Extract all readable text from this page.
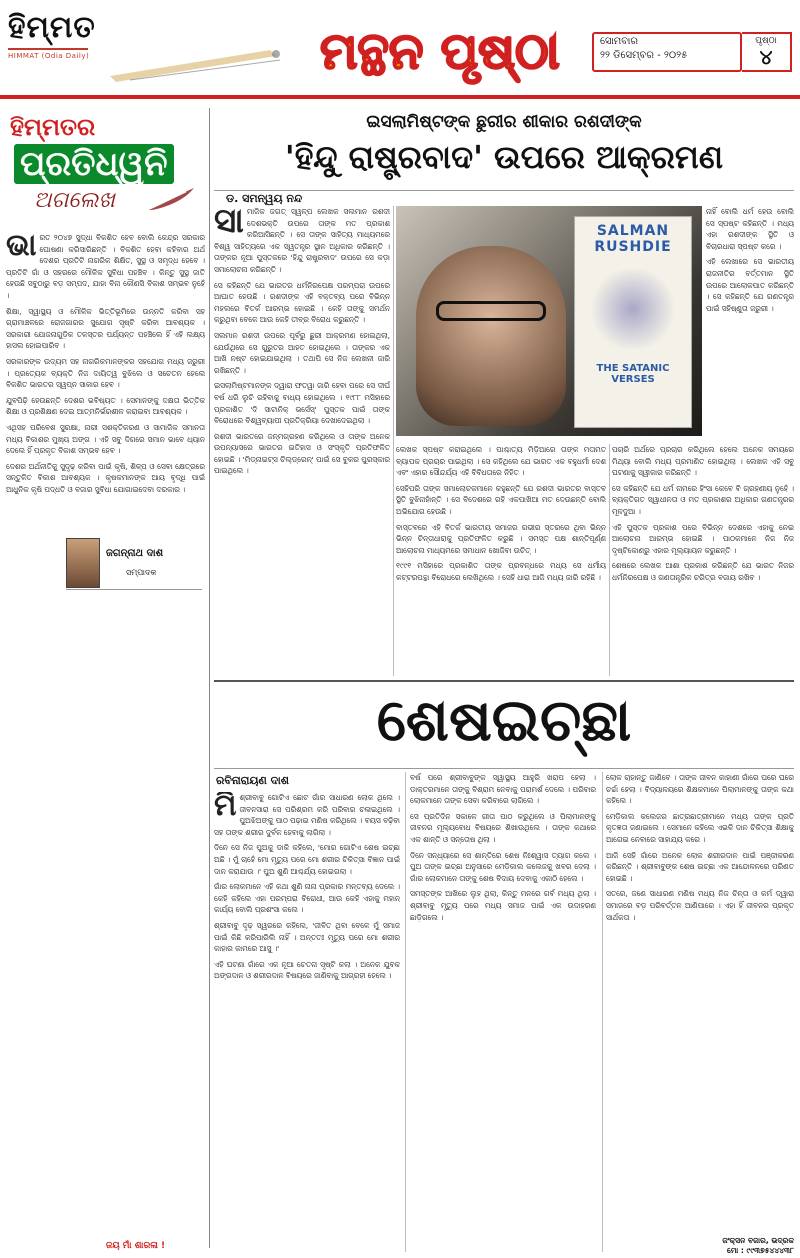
ହିମ୍ମତ
HIMMAT (Odia Daily)	ମନ୍ଥନ ପୃଷ୍ଠା	ସୋମବାର
୨୨ ଡିସେମ୍ବର - ୨୦୨୫
ପୃଷ୍ଠା
୪
ହିମ୍ମତର
ପ୍ରତିଧ୍ୱନି
ଅଗଲେଖ
ଭା ରତ ୨୦୪୭ ସୁଦ୍ଧା ବିକଶିତ ହେବ ବୋଲି କେନ୍ଦ୍ର ସରକାର ଘୋଷଣା କରିସାରିଛନ୍ତି । ବିକଶିତ ହେବା କହିବାର ଅର୍ଥ ଦେଶର ପ୍ରତିଟି ନାଗରିକ ଶିକ୍ଷିତ, ସୁସ୍ଥ ଓ ସମୃଦ୍ଧ ହେବେ । ପ୍ରତିଟି ଗାଁ ଓ ସହରରେ ମୌଳିକ ସୁବିଧା ପହଞ୍ଚିବ । କିନ୍ତୁ ସୁସ୍ଥ ଜାତି ହେଉଛି ସବୁଠାରୁ ବଡ଼ ସମ୍ପଦ, ଯାହା ବିନା କୌଣସି ବିକାଶ ସମ୍ଭବ ନୁହେଁ ।

ଶିକ୍ଷା, ସ୍ୱାସ୍ଥ୍ୟ ଓ ମୌଳିକ ଭିତ୍ତିଭୂମିରେ ଉନ୍ନତି କରିବା ସହ ଗ୍ରାମାଞ୍ଚଳରେ ରୋଜଗାରର ସୁଯୋଗ ସୃଷ୍ଟି କରିବା ଆବଶ୍ୟକ । ସରକାରୀ ଯୋଜନାଗୁଡ଼ିକ ତଳସ୍ତର ପର୍ଯ୍ୟନ୍ତ ପହଞ୍ଚିଲେ ହିଁ ଏହି ଲକ୍ଷ୍ୟ ହାସଲ ହୋଇପାରିବ ।

ସରକାରଙ୍କ ଉଦ୍ୟମ ସହ ନାଗରିକମାନଙ୍କର ସହଯୋଗ ମଧ୍ୟ ଜରୁରୀ । ପ୍ରତ୍ୟେକ ବ୍ୟକ୍ତି ନିଜ ଦାୟିତ୍ୱ ବୁଝିଲେ ଓ ସଚେତନ ହେଲେ ବିକଶିତ ଭାରତର ସ୍ୱପ୍ନ ସାକାର ହେବ ।

ଯୁବପିଢ଼ି ହେଉଛନ୍ତି ଦେଶର ଭବିଷ୍ୟତ । ସେମାନଙ୍କୁ ଦକ୍ଷତା ଭିତ୍ତିକ ଶିକ୍ଷା ଓ ପ୍ରଶିକ୍ଷଣ ଦେଇ ଆତ୍ମନିର୍ଭରଶୀଳ କରାଇବା ଆବଶ୍ୟକ ।

ଏଥିସହ ପରିବେଶ ସୁରକ୍ଷା, ନାରୀ ସଶକ୍ତିକରଣ ଓ ସାମାଜିକ ସମାନତା ମଧ୍ୟ ବିକାଶର ମୁଖ୍ୟ ଅଙ୍ଗ । ଏହି ସବୁ ଦିଗରେ ସମାନ ଭାବେ ଧ୍ୟାନ ଦେଲେ ହିଁ ପ୍ରକୃତ ବିକାଶ ସମ୍ଭବ ହେବ ।

ଦେଶର ଅର୍ଥନୀତିକୁ ସୁଦୃଢ଼ କରିବା ପାଇଁ କୃଷି, ଶିଳ୍ପ ଓ ସେବା କ୍ଷେତ୍ରରେ ସନ୍ତୁଳିତ ବିକାଶ ଆବଶ୍ୟକ । କୃଷକମାନଙ୍କ ଆୟ ବୃଦ୍ଧି ପାଇଁ ଆଧୁନିକ କୃଷି ପଦ୍ଧତି ଓ ବଜାର ସୁବିଧା ଯୋଗାଇଦେବା ଦରକାର ।

ଜଗନ୍ନାଥ ଦାଶ
ସମ୍ପାଦକ
ଜୟ ମାଁ ଶାରଳା !
ଇସଲାମିଷ୍ଟଙ୍କ ଛୁରୀର ଶୀକାର ରଶଦୀଙ୍କ
'ହିନ୍ଦୁ ରାଷ୍ଟ୍ରବାଦ' ଉପରେ ଆକ୍ରମଣ
ଡ. ସମନ୍ୱୟ ନନ୍ଦ
ସା ମାଜିକ ଜଗତ୍‌ ସ୍ୱଳ୍ପ ଲେଖକ ସଲମାନ ରଶଦୀ ଦେଶଭକ୍ତି ଉପରେ ତାଙ୍କ ମତ ପ୍ରକାଶ କରିଆସିଛନ୍ତି । ସେ ତାଙ୍କ ସାହିତ୍ୟ ମାଧ୍ୟମରେ ବିଶ୍ୱ ସାହିତ୍ୟରେ ଏକ ସ୍ୱତନ୍ତ୍ର ସ୍ଥାନ ଅଧିକାର କରିଛନ୍ତି । ତାଙ୍କର ନୂଆ ପୁସ୍ତକରେ 'ହିନ୍ଦୁ ରାଷ୍ଟ୍ରବାଦ' ଉପରେ ସେ କଡ଼ା ସମାଲୋଚନା କରିଛନ୍ତି ।

ସେ କହିଛନ୍ତି ଯେ ଭାରତର ଧର୍ମନିରପେକ୍ଷ ପରମ୍ପରା ଉପରେ ଆଘାତ ହେଉଛି । ରଶଦୀଙ୍କ ଏହି ବକ୍ତବ୍ୟ ପରେ ବିଭିନ୍ନ ମହଲରେ ବିତର୍କ ଆରମ୍ଭ ହୋଇଛି । କେହି ତାଙ୍କୁ ସମର୍ଥନ କରୁଥିବା ବେଳେ ଆଉ କେହି ତୀବ୍ର ବିରୋଧ କରୁଛନ୍ତି ।

ସଲମାନ ରଶଦୀ ଉପରେ ପୂର୍ବରୁ ଛୁରୀ ଆକ୍ରମଣ ହୋଇଥିଲା, ଯେଉଁଥିରେ ସେ ଗୁରୁତର ଆହତ ହୋଇଥିଲେ । ତାଙ୍କର ଏକ ଆଖି ନଷ୍ଟ ହୋଇଯାଇଥିଲା । ତଥାପି ସେ ନିଜ ଲେଖନୀ ଜାରି ରଖିଛନ୍ତି ।

ଇସଲାମିଷ୍ଟମାନଙ୍କ ଦ୍ୱାରା ଫତୱା ଜାରି ହେବା ପରେ ସେ ଦୀର୍ଘ ବର୍ଷ ଧରି ଲୁଚି ରହିବାକୁ ବାଧ୍ୟ ହୋଇଥିଲେ । ୧୯୮୮ ମସିହାରେ ପ୍ରକାଶିତ 'ଦି ସାଟାନିକ୍ ଭର୍ସେସ୍' ପୁସ୍ତକ ପାଇଁ ତାଙ୍କ ବିରୋଧରେ ବିଶ୍ୱବ୍ୟାପୀ ପ୍ରତିକ୍ରିୟା ଦେଖାଦେଇଥିଲା ।

ରଶଦୀ ଭାରତରେ ଜନ୍ମଗ୍ରହଣ କରିଥିଲେ ଓ ତାଙ୍କ ଅନେକ ଉପନ୍ୟାସରେ ଭାରତର ଇତିହାସ ଓ ସଂସ୍କୃତି ପ୍ରତିଫଳିତ ହୋଇଛି । 'ମିଡ୍‌ନାଇଟ୍ସ ଚିଲ୍‌ଡ୍ରେନ୍' ପାଇଁ ସେ ବୁକର ପୁରସ୍କାର ପାଇଥିଲେ ।

SALMAN
RUSHDIE
THE SATANIC VERSES

ନାହିଁ ବୋଲି ଧର୍ମ ହେଉ ବୋଲି ସେ ସ୍ପଷ୍ଟ କହିଛନ୍ତି । ମଧ୍ୟ ଏହା ରଶଦୀଙ୍କ ସ୍ଥିତି ଓ ବିଚାରଧାରା ସ୍ପଷ୍ଟ କରେ ।

ଏହି ଲେଖାରେ ସେ ଭାରତୀୟ ରାଜନୀତିର ବର୍ତ୍ତମାନ ସ୍ଥିତି ଉପରେ ଆଲୋକପାତ କରିଛନ୍ତି । ସେ କହିଛନ୍ତି ଯେ ଗଣତନ୍ତ୍ର ପାଇଁ ସହିଷ୍ଣୁତା ଜରୁରୀ ।

ଲେଖକ ସ୍ପଷ୍ଟ କରାଇଥିଲେ । ପାଶ୍ଚାତ୍ୟ ମିଡ଼ିଆରେ ତାଙ୍କ ମତାମତ ବ୍ୟାପକ ପ୍ରଚାର ପାଇଥିଲା । ସେ କହିଥିଲେ ଯେ ଭାରତ ଏକ ବହୁଧର୍ମୀ ଦେଶ ଏବଂ ଏହାର ସୌନ୍ଦର୍ଯ୍ୟ ଏହି ବିବିଧତାରେ ନିହିତ ।

ସେହିପରି ତାଙ୍କ ସମାଲୋଚକମାନେ କହୁଛନ୍ତି ଯେ ରଶଦୀ ଭାରତର ବାସ୍ତବ ସ୍ଥିତି ବୁଝିନାହାଁନ୍ତି । ସେ ବିଦେଶରେ ରହି ଏକପାଖିଆ ମତ ଦେଉଛନ୍ତି ବୋଲି ଅଭିଯୋଗ ହେଉଛି ।

ବାସ୍ତବରେ ଏହି ବିତର୍କ ଭାରତୀୟ ସମାଜର ଗଭୀର ସ୍ତରରେ ଥିବା ଭିନ୍ନ ଭିନ୍ନ ଚିନ୍ତାଧାରାକୁ ପ୍ରତିଫଳିତ କରୁଛି । ସମସ୍ତ ପକ୍ଷ ଶାନ୍ତିପୂର୍ଣ୍ଣ ଆଲୋଚନା ମାଧ୍ୟମରେ ସମାଧାନ ଖୋଜିବା ଉଚିତ୍ ।

୧୯୯୧ ମସିହାରେ ପ୍ରକାଶିତ ତାଙ୍କ ପ୍ରବନ୍ଧରେ ମଧ୍ୟ ସେ ଧର୍ମୀୟ କଟ୍ଟରପନ୍ଥା ବିରୋଧରେ ଲେଖିଥିଲେ । ସେହି ଧାରା ଆଜି ମଧ୍ୟ ଜାରି ରହିଛି ।

ପଚାରି ଅର୍ଥରେ ପ୍ରଚାର କରିଥିଲେ ହେଲେ ଅନେକ ସମୟରେ ମିଥ୍ୟା ବୋଲି ମଧ୍ୟ ପ୍ରମାଣିତ ହୋଇଥିଲା । ଲେଖକ ଏହି ସବୁ ଘଟଣାକୁ ସ୍ୱୀକାର କରିଛନ୍ତି ।

ସେ କହିଛନ୍ତି ଯେ ଧର୍ମ ନାମରେ ହିଂସା କେବେ ବି ଗ୍ରହଣୀୟ ନୁହେଁ । ବ୍ୟକ୍ତିଗତ ସ୍ୱାଧୀନତା ଓ ମତ ପ୍ରକାଶର ଅଧିକାର ଗଣତନ୍ତ୍ରର ମୂଳଦୁଆ ।

ଏହି ପୁସ୍ତକ ପ୍ରକାଶ ପରେ ବିଭିନ୍ନ ଦେଶରେ ଏହାକୁ ନେଇ ଆଲୋଚନା ଆରମ୍ଭ ହୋଇଛି । ପାଠକମାନେ ନିଜ ନିଜ ଦୃଷ୍ଟିକୋଣରୁ ଏହାର ମୂଲ୍ୟାୟନ କରୁଛନ୍ତି ।

ଶେଷରେ ଲେଖକ ଆଶା ପ୍ରକାଶ କରିଛନ୍ତି ଯେ ଭାରତ ନିଜର ଧର୍ମନିରପେକ୍ଷ ଓ ଗଣତାନ୍ତ୍ରିକ ଚରିତ୍ର ବଜାୟ ରଖିବ ।

ଶେଷଇଚ୍ଛା
ରବିନାରାୟଣ ଦାଶ
ମି ଶ୍ରୀବାବୁ ଗୋଟିଏ ଛୋଟ ଗାଁର ସାଧାରଣ ଲୋକ ଥିଲେ । ଜୀବନସାରା ସେ ପରିଶ୍ରମ କରି ପରିବାର ଚଳାଇଥିଲେ । ପୁଅଝିଅଙ୍କୁ ପାଠ ପଢ଼ାଇ ମଣିଷ କରିଥିଲେ । ବୟସ ବଢ଼ିବା ସହ ତାଙ୍କ ଶରୀର ଦୁର୍ବଳ ହେବାକୁ ଲାଗିଲା ।

ଦିନେ ସେ ନିଜ ପୁଅକୁ ଡାକି କହିଲେ, 'ମୋର ଗୋଟିଏ ଶେଷ ଇଚ୍ଛା ଅଛି । ମୁଁ ଚାହେଁ ମୋ ମୃତ୍ୟୁ ପରେ ମୋ ଶରୀର ଚିକିତ୍ସା ବିଜ୍ଞାନ ପାଇଁ ଦାନ କରାଯାଉ ।' ପୁଅ ଶୁଣି ଆଶ୍ଚର୍ଯ୍ୟ ହୋଇଗଲା ।

ଗାଁର ଲୋକମାନେ ଏହି କଥା ଶୁଣି ନାନା ପ୍ରକାର ମନ୍ତବ୍ୟ ଦେଲେ । କେହି କହିଲେ ଏହା ପରମ୍ପରା ବିରୋଧୀ, ଆଉ କେହି ଏହାକୁ ମହାନ୍ କାର୍ଯ୍ୟ ବୋଲି ପ୍ରଶଂସା କଲେ ।

ଶ୍ରୀବାବୁ ଦୃଢ଼ ସ୍ୱରରେ କହିଲେ, 'ଜୀବିତ ଥିବା ବେଳେ ମୁଁ ସମାଜ ପାଇଁ କିଛି କରିପାରିଲି ନାହିଁ । ଅନ୍ତତଃ ମୃତ୍ୟୁ ପରେ ମୋ ଶରୀର କାହାର କାମରେ ଆସୁ ।'

ଏହି ଘଟଣା ଗାଁରେ ଏକ ନୂଆ ଚେତନା ସୃଷ୍ଟି କଲା । ଅନେକ ଯୁବକ ଅଙ୍ଗଦାନ ଓ ଶରୀରଦାନ ବିଷୟରେ ଜାଣିବାକୁ ଆଗ୍ରହୀ ହେଲେ ।

ବର୍ଷ ପରେ ଶ୍ରୀବାବୁଙ୍କ ସ୍ୱାସ୍ଥ୍ୟ ଆହୁରି ଖରାପ ହେଲା । ଡାକ୍ତରମାନେ ତାଙ୍କୁ ବିଶ୍ରାମ ନେବାକୁ ପରାମର୍ଶ ଦେଲେ । ପରିବାର ଲୋକମାନେ ତାଙ୍କ ସେବା କରିବାରେ ଲାଗିଲେ ।

ସେ ପ୍ରତିଦିନ ସକାଳେ ଗୀତା ପାଠ କରୁଥିଲେ ଓ ପିଲାମାନଙ୍କୁ ଜୀବନର ମୂଲ୍ୟବୋଧ ବିଷୟରେ ଶିଖାଉଥିଲେ । ତାଙ୍କ କଥାରେ ଏକ ଶାନ୍ତି ଓ ସନ୍ତୋଷ ଥିଲା ।

ଦିନେ ସନ୍ଧ୍ୟାରେ ସେ ଶାନ୍ତିରେ ଶେଷ ନିଃଶ୍ୱାସ ତ୍ୟାଗ କଲେ । ପୁଅ ତାଙ୍କ ଇଚ୍ଛା ଅନୁସାରେ ମେଡ଼ିକାଲ କଲେଜକୁ ଖବର ଦେଲା । ଗାଁର ଲୋକମାନେ ତାଙ୍କୁ ଶେଷ ବିଦାୟ ଦେବାକୁ ଏକାଠି ହେଲେ ।

ସମସ୍ତଙ୍କ ଆଖିରେ ଲୁହ ଥିଲା, କିନ୍ତୁ ମନରେ ଗର୍ବ ମଧ୍ୟ ଥିଲା । ଶ୍ରୀବାବୁ ମୃତ୍ୟୁ ପରେ ମଧ୍ୟ ସମାଜ ପାଇଁ ଏକ ଉଦାହରଣ ଛାଡ଼ିଗଲେ ।

ଲୋକ ଚାହାନ୍ତୁ ଜାଣିବେ । ତାଙ୍କ ଜୀବନ କାହାଣୀ ଗାଁରେ ଘରେ ଘରେ ଚର୍ଚ୍ଚା ହେଲା । ବିଦ୍ୟାଳୟରେ ଶିକ୍ଷକମାନେ ପିଲାମାନଙ୍କୁ ତାଙ୍କ କଥା କହିଲେ ।

ମେଡ଼ିକାଲ କଲେଜର ଛାତ୍ରଛାତ୍ରୀମାନେ ମଧ୍ୟ ତାଙ୍କ ପ୍ରତି କୃତଜ୍ଞତା ଜଣାଇଲେ । ସେମାନେ କହିଲେ ଏଭଳି ଦାନ ଚିକିତ୍ସା ଶିକ୍ଷାକୁ ଆଗେଇ ନେବାରେ ସାହାଯ୍ୟ କରେ ।

ଆଜି ସେହି ଗାଁରେ ଅନେକ ଲୋକ ଶରୀରଦାନ ପାଇଁ ପଞ୍ଜୀକରଣ କରିଛନ୍ତି । ଶ୍ରୀବାବୁଙ୍କ ଶେଷ ଇଚ୍ଛା ଏକ ଆନ୍ଦୋଳନରେ ପରିଣତ ହୋଇଛି ।

ସତରେ, ଜଣେ ସାଧାରଣ ମଣିଷ ମଧ୍ୟ ନିଜ ଚିନ୍ତା ଓ କର୍ମ ଦ୍ୱାରା ସମାଜରେ ବଡ଼ ପରିବର୍ତ୍ତନ ଆଣିପାରେ । ଏହା ହିଁ ଜୀବନର ପ୍ରକୃତ ସାର୍ଥକତା ।

ଜଂକ୍ସନ ବଜାର, ଭଦ୍ରକ
ମୋ : ୯୯୩୭୫୪୪୪୩୮
